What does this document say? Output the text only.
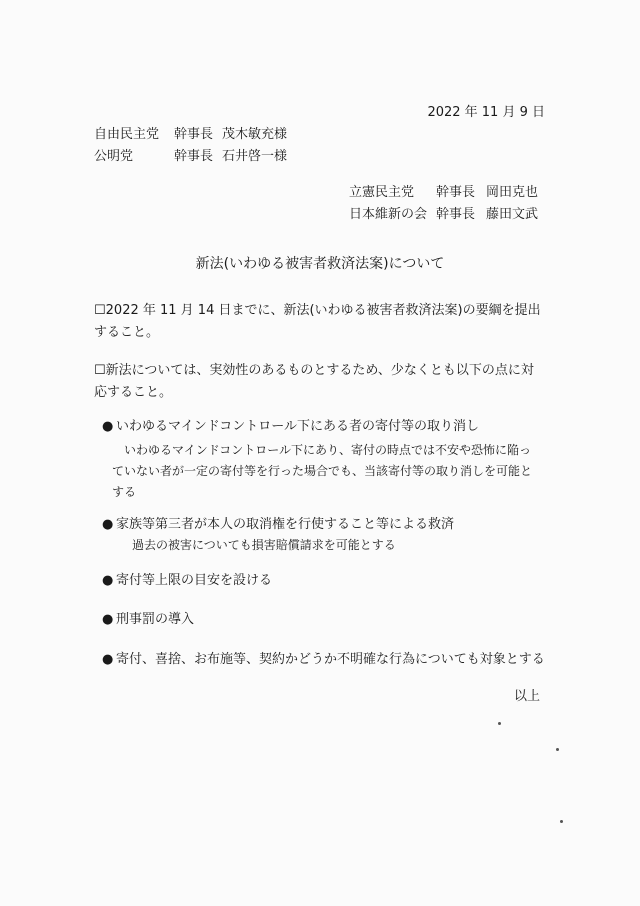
2022 年 11 月 9 日
自由民主党	幹事長 茂木敏充様
公明党	幹事長 石井啓一様
立憲民主党	幹事長 岡田克也
日本維新の会 幹事長 藤田文武
新法(いわゆる被害者救済法案)について
☐2022 年 11 月 14 日までに、新法(いわゆる被害者救済法案)の要綱を提出すること。
☐新法については、実効性のあるものとするため、少なくとも以下の点に対応すること。
● いわゆるマインドコントロール下にある者の寄付等の取り消し
いわゆるマインドコントロール下にあり、寄付の時点では不安や恐怖に陥っていない者が一定の寄付等を行った場合でも、当該寄付等の取り消しを可能とする
● 家族等第三者が本人の取消権を行使すること等による救済
過去の被害についても損害賠償請求を可能とする
● 寄付等上限の目安を設ける
● 刑事罰の導入
● 寄付、喜捨、お布施等、契約かどうか不明確な行為についても対象とする
以上
